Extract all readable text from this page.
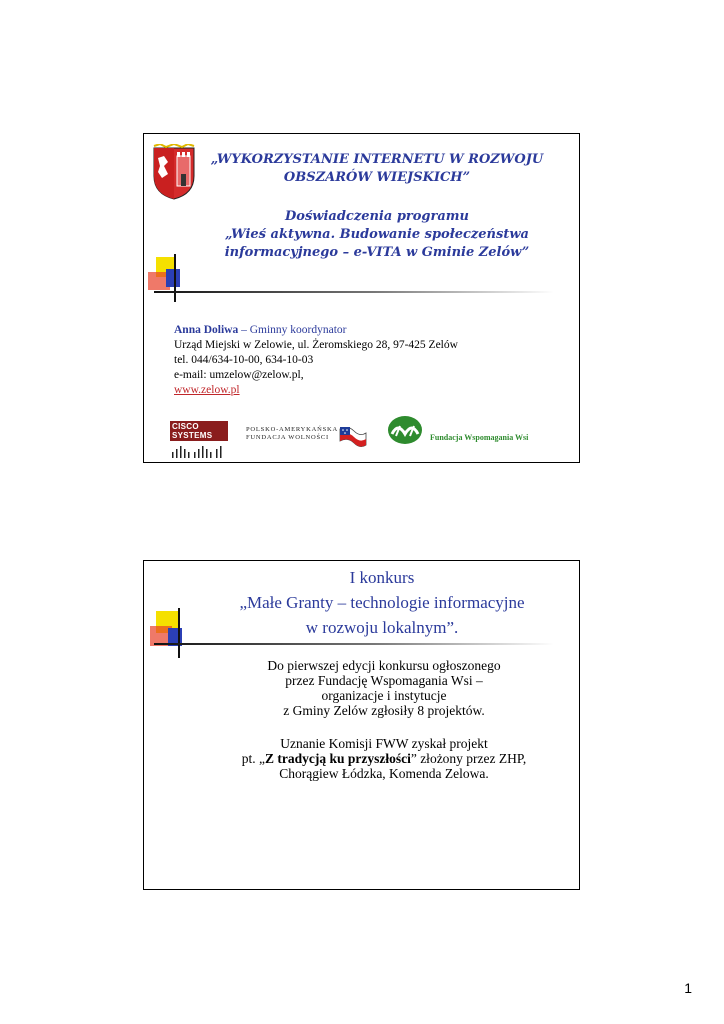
„WYKORZYSTANIE INTERNETU W ROZWOJU
OBSZARÓW WIEJSKICH”
Doświadczenia programu
„Wieś aktywna. Budowanie społeczeństwa
informacyjnego – e-VITA w Gminie Zelów”
Anna Doliwa – Gminny koordynator
Urząd Miejski w Zelowie, ul. Żeromskiego 28, 97-425 Zelów
tel. 044/634-10-00, 634-10-03
e-mail: umzelow@zelow.pl,
www.zelow.pl
CISCO SYSTEMS
POLSKO-AMERYKAŃSKA
FUNDACJA WOLNOŚCI	Fundacja Wspomagania Wsi
I konkurs
„Małe Granty – technologie informacyjne
w rozwoju lokalnym”.
Do pierwszej edycji konkursu ogłoszonego
przez Fundację Wspomagania Wsi –
organizacje i instytucje
z Gminy Zelów zgłosiły 8 projektów.
Uznanie Komisji FWW zyskał projekt
pt. „Z tradycją ku przyszłości” złożony przez ZHP,
Chorągiew Łódzka, Komenda Zelowa.
1
